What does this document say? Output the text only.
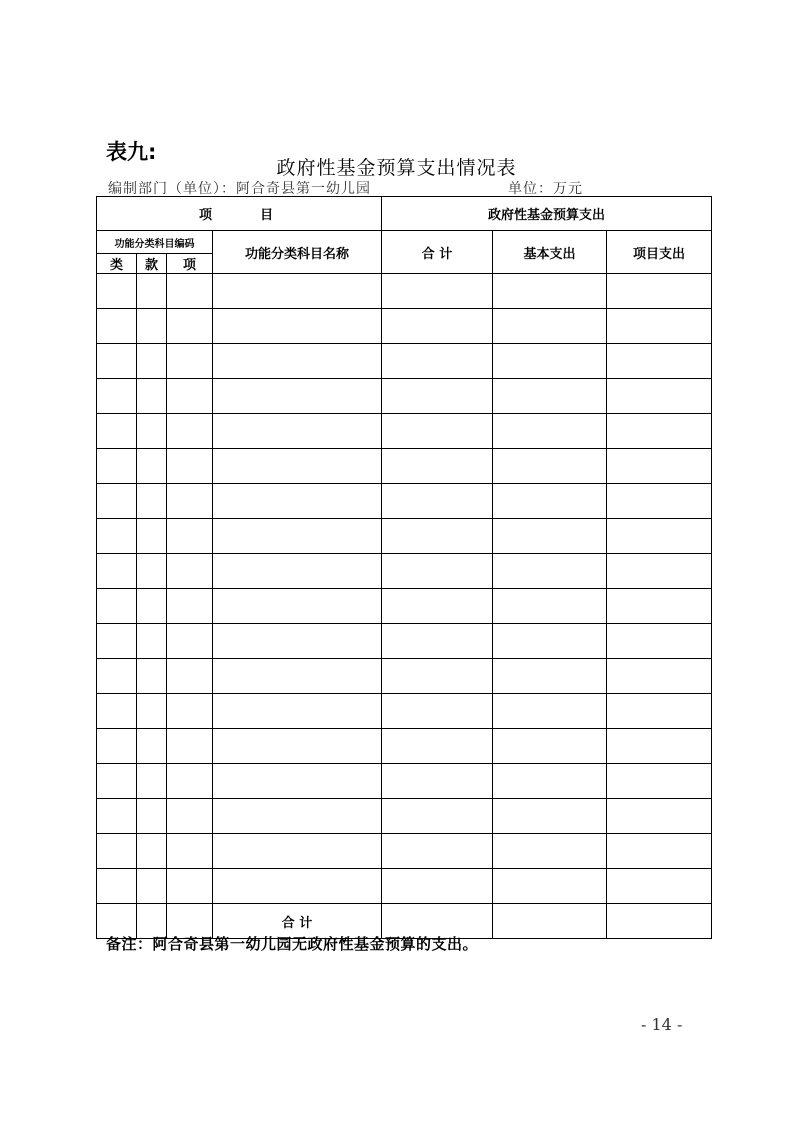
表九:
政府性基金预算支出情况表
编制部门（单位）：阿合奇县第一幼儿园	单位：万元
项    目				政府性基金预算支出		
功能分类科目编码			功能分类科目名称	合 计	基本支出	项目支出
类	款	项				

			合 计			
备注：阿合奇县第一幼儿园无政府性基金预算的支出。
- 14 -
